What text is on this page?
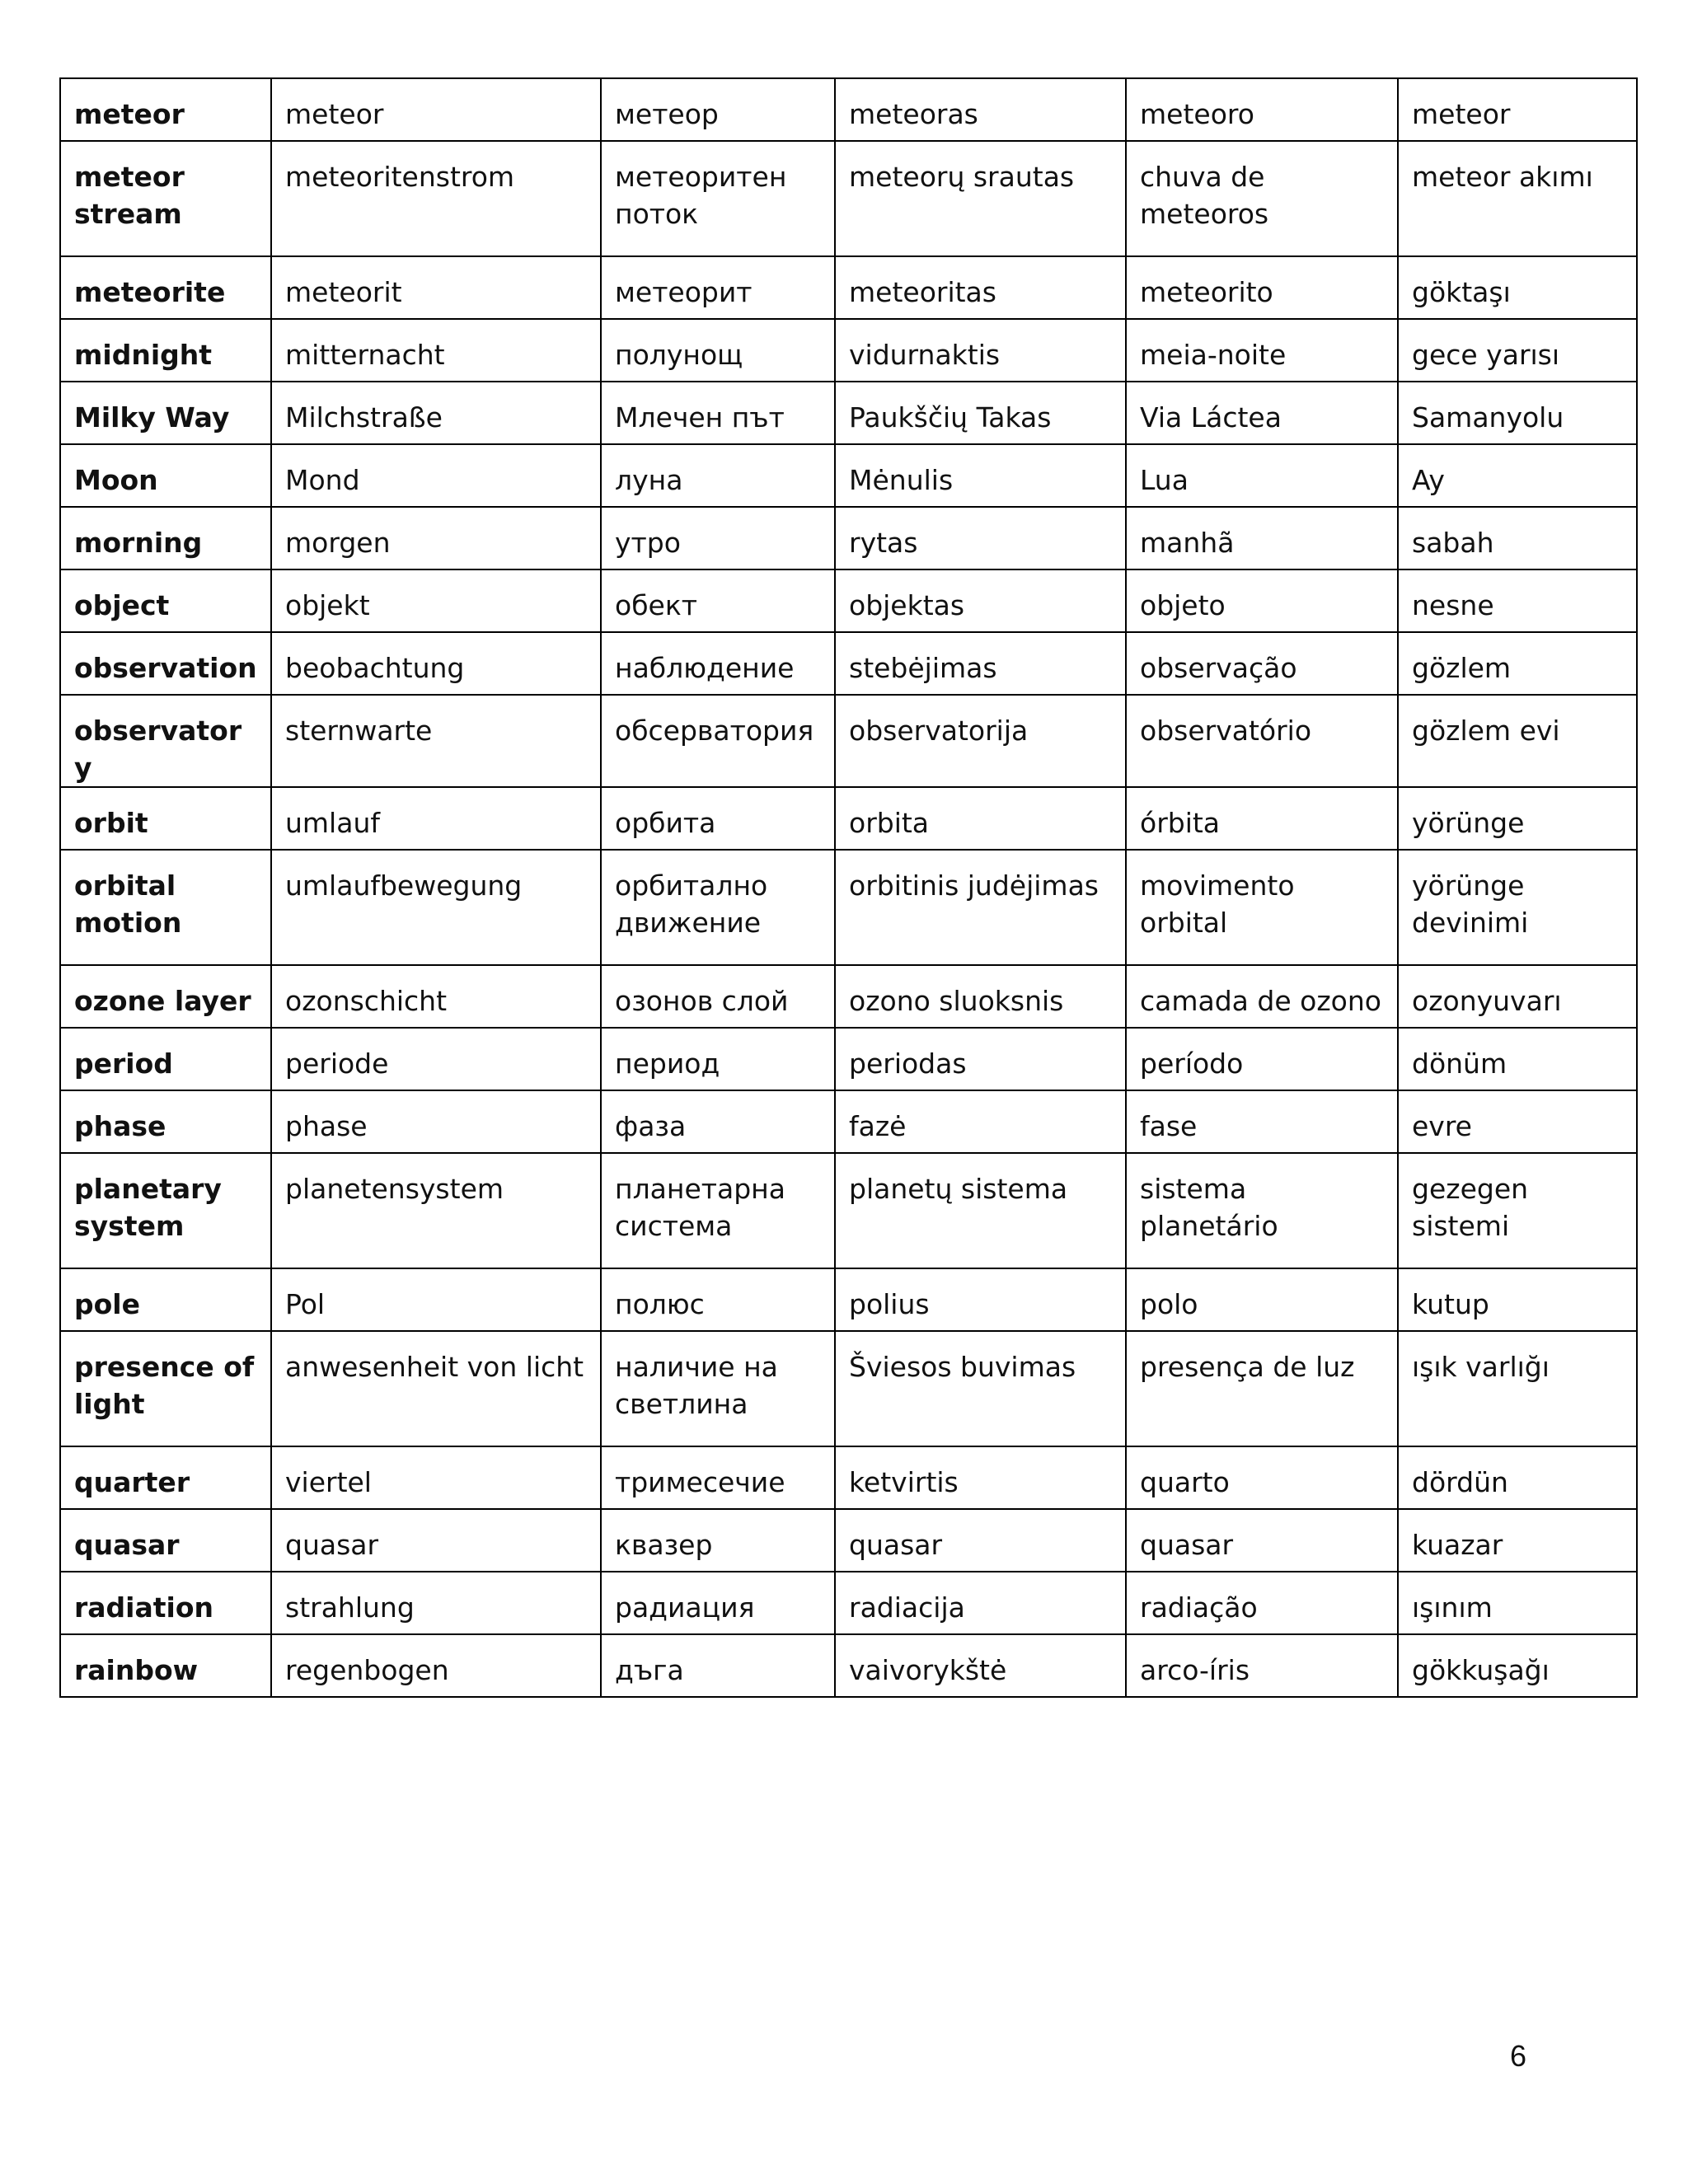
meteor	meteor	метеор	meteoras	meteoro	meteor
meteor stream	meteoritenstrom	метеоритен поток	meteorų srautas	chuva de meteoros	meteor akımı
meteorite	meteorit	метеорит	meteoritas	meteorito	göktaşı
midnight	mitternacht	полунощ	vidurnaktis	meia-noite	gece yarısı
Milky Way	Milchstraße	Млечен път	Paukščių Takas	Via Láctea	Samanyolu
Moon	Mond	луна	Mėnulis	Lua	Ay
morning	morgen	утро	rytas	manhã	sabah
object	objekt	обект	objektas	objeto	nesne
observation	beobachtung	наблюдение	stebėjimas	observação	gözlem
observatory	sternwarte	обсерватория	observatorija	observatório	gözlem evi
orbit	umlauf	орбита	orbita	órbita	yörünge
orbital motion	umlaufbewegung	орбитално движение	orbitinis judėjimas	movimento orbital	yörünge devinimi
ozone layer	ozonschicht	озонов слой	ozono sluoksnis	camada de ozono	ozonyuvarı
period	periode	период	periodas	período	dönüm
phase	phase	фаза	fazė	fase	evre
planetary system	planetensystem	планетарна система	planetų sistema	sistema planetário	gezegen sistemi
pole	Pol	полюс	polius	polo	kutup
presence of light	anwesenheit von licht	наличие на светлина	Šviesos buvimas	presença de luz	ışık varlığı
quarter	viertel	тримесечие	ketvirtis	quarto	dördün
quasar	quasar	квазер	quasar	quasar	kuazar
radiation	strahlung	радиация	radiacija	radiação	ışınım
rainbow	regenbogen	дъга	vaivorykštė	arco-íris	gökkuşağı
6
